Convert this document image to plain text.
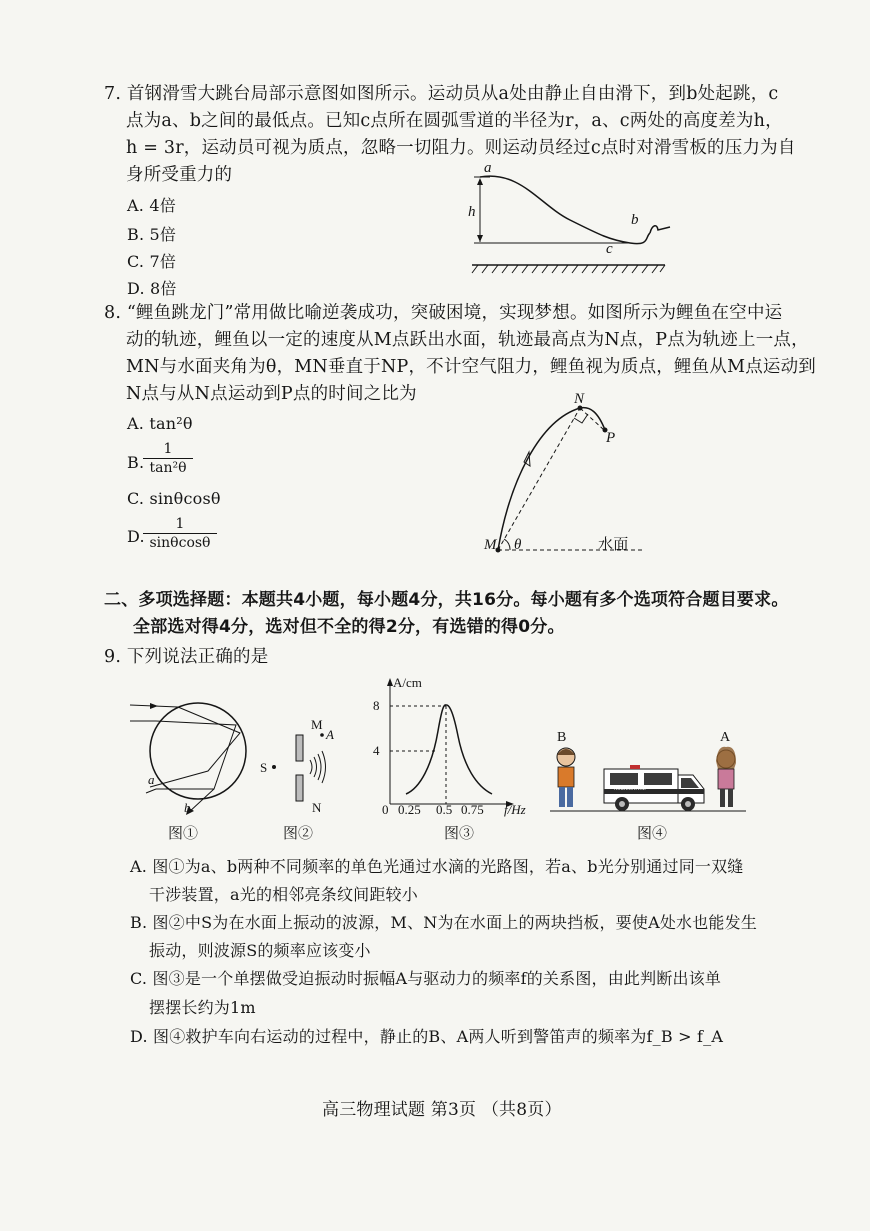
7. 首钢滑雪大跳台局部示意图如图所示。运动员从a处由静止自由滑下，到b处起跳，c
点为a、b之间的最低点。已知c点所在圆弧雪道的半径为r，a、c两处的高度差为h，
h = 3r，运动员可视为质点，忽略一切阻力。则运动员经过c点时对滑雪板的压力为自
身所受重力的
A. 4倍
B. 5倍
C. 7倍
D. 8倍
a
h	b
c
8. “鲤鱼跳龙门”常用做比喻逆袭成功，突破困境，实现梦想。如图所示为鲤鱼在空中运
动的轨迹，鲤鱼以一定的速度从M点跃出水面，轨迹最高点为N点，P点为轨迹上一点，
MN与水面夹角为θ，MN垂直于NP，不计空气阻力，鲤鱼视为质点，鲤鱼从M点运动到
N点与从N点运动到P点的时间之比为
A. tan²θ
B.
$\frac{1}{\text{tan²θ}}$
C. sinθcosθ
D.
$\frac{1}{\sin\theta\cos\theta}$
N
P
M θ	水面
二、多项选择题：本题共4小题，每小题4分，共16分。每小题有多个选项符合题目要求。
全部选对得4分，选对但不全的得2分，有选错的得0分。
9. 下列说法正确的是
a
b
图①
S
M
A
N
图②
A/cm
8
4
0 0.25 0.5 0.75 f/Hz
图③
B	A
AMBULANCE
图④
A. 图①为a、b两种不同频率的单色光通过水滴的光路图，若a、b光分别通过同一双缝
干涉装置，a光的相邻亮条纹间距较小
B. 图②中S为在水面上振动的波源，M、N为在水面上的两块挡板，要使A处水也能发生
振动，则波源S的频率应该变小
C. 图③是一个单摆做受迫振动时振幅A与驱动力的频率f的关系图，由此判断出该单
摆摆长约为1m
D. 图④救护车向右运动的过程中，静止的B、A两人听到警笛声的频率为f_B > f_A
高三物理试题 第3页 （共8页）
